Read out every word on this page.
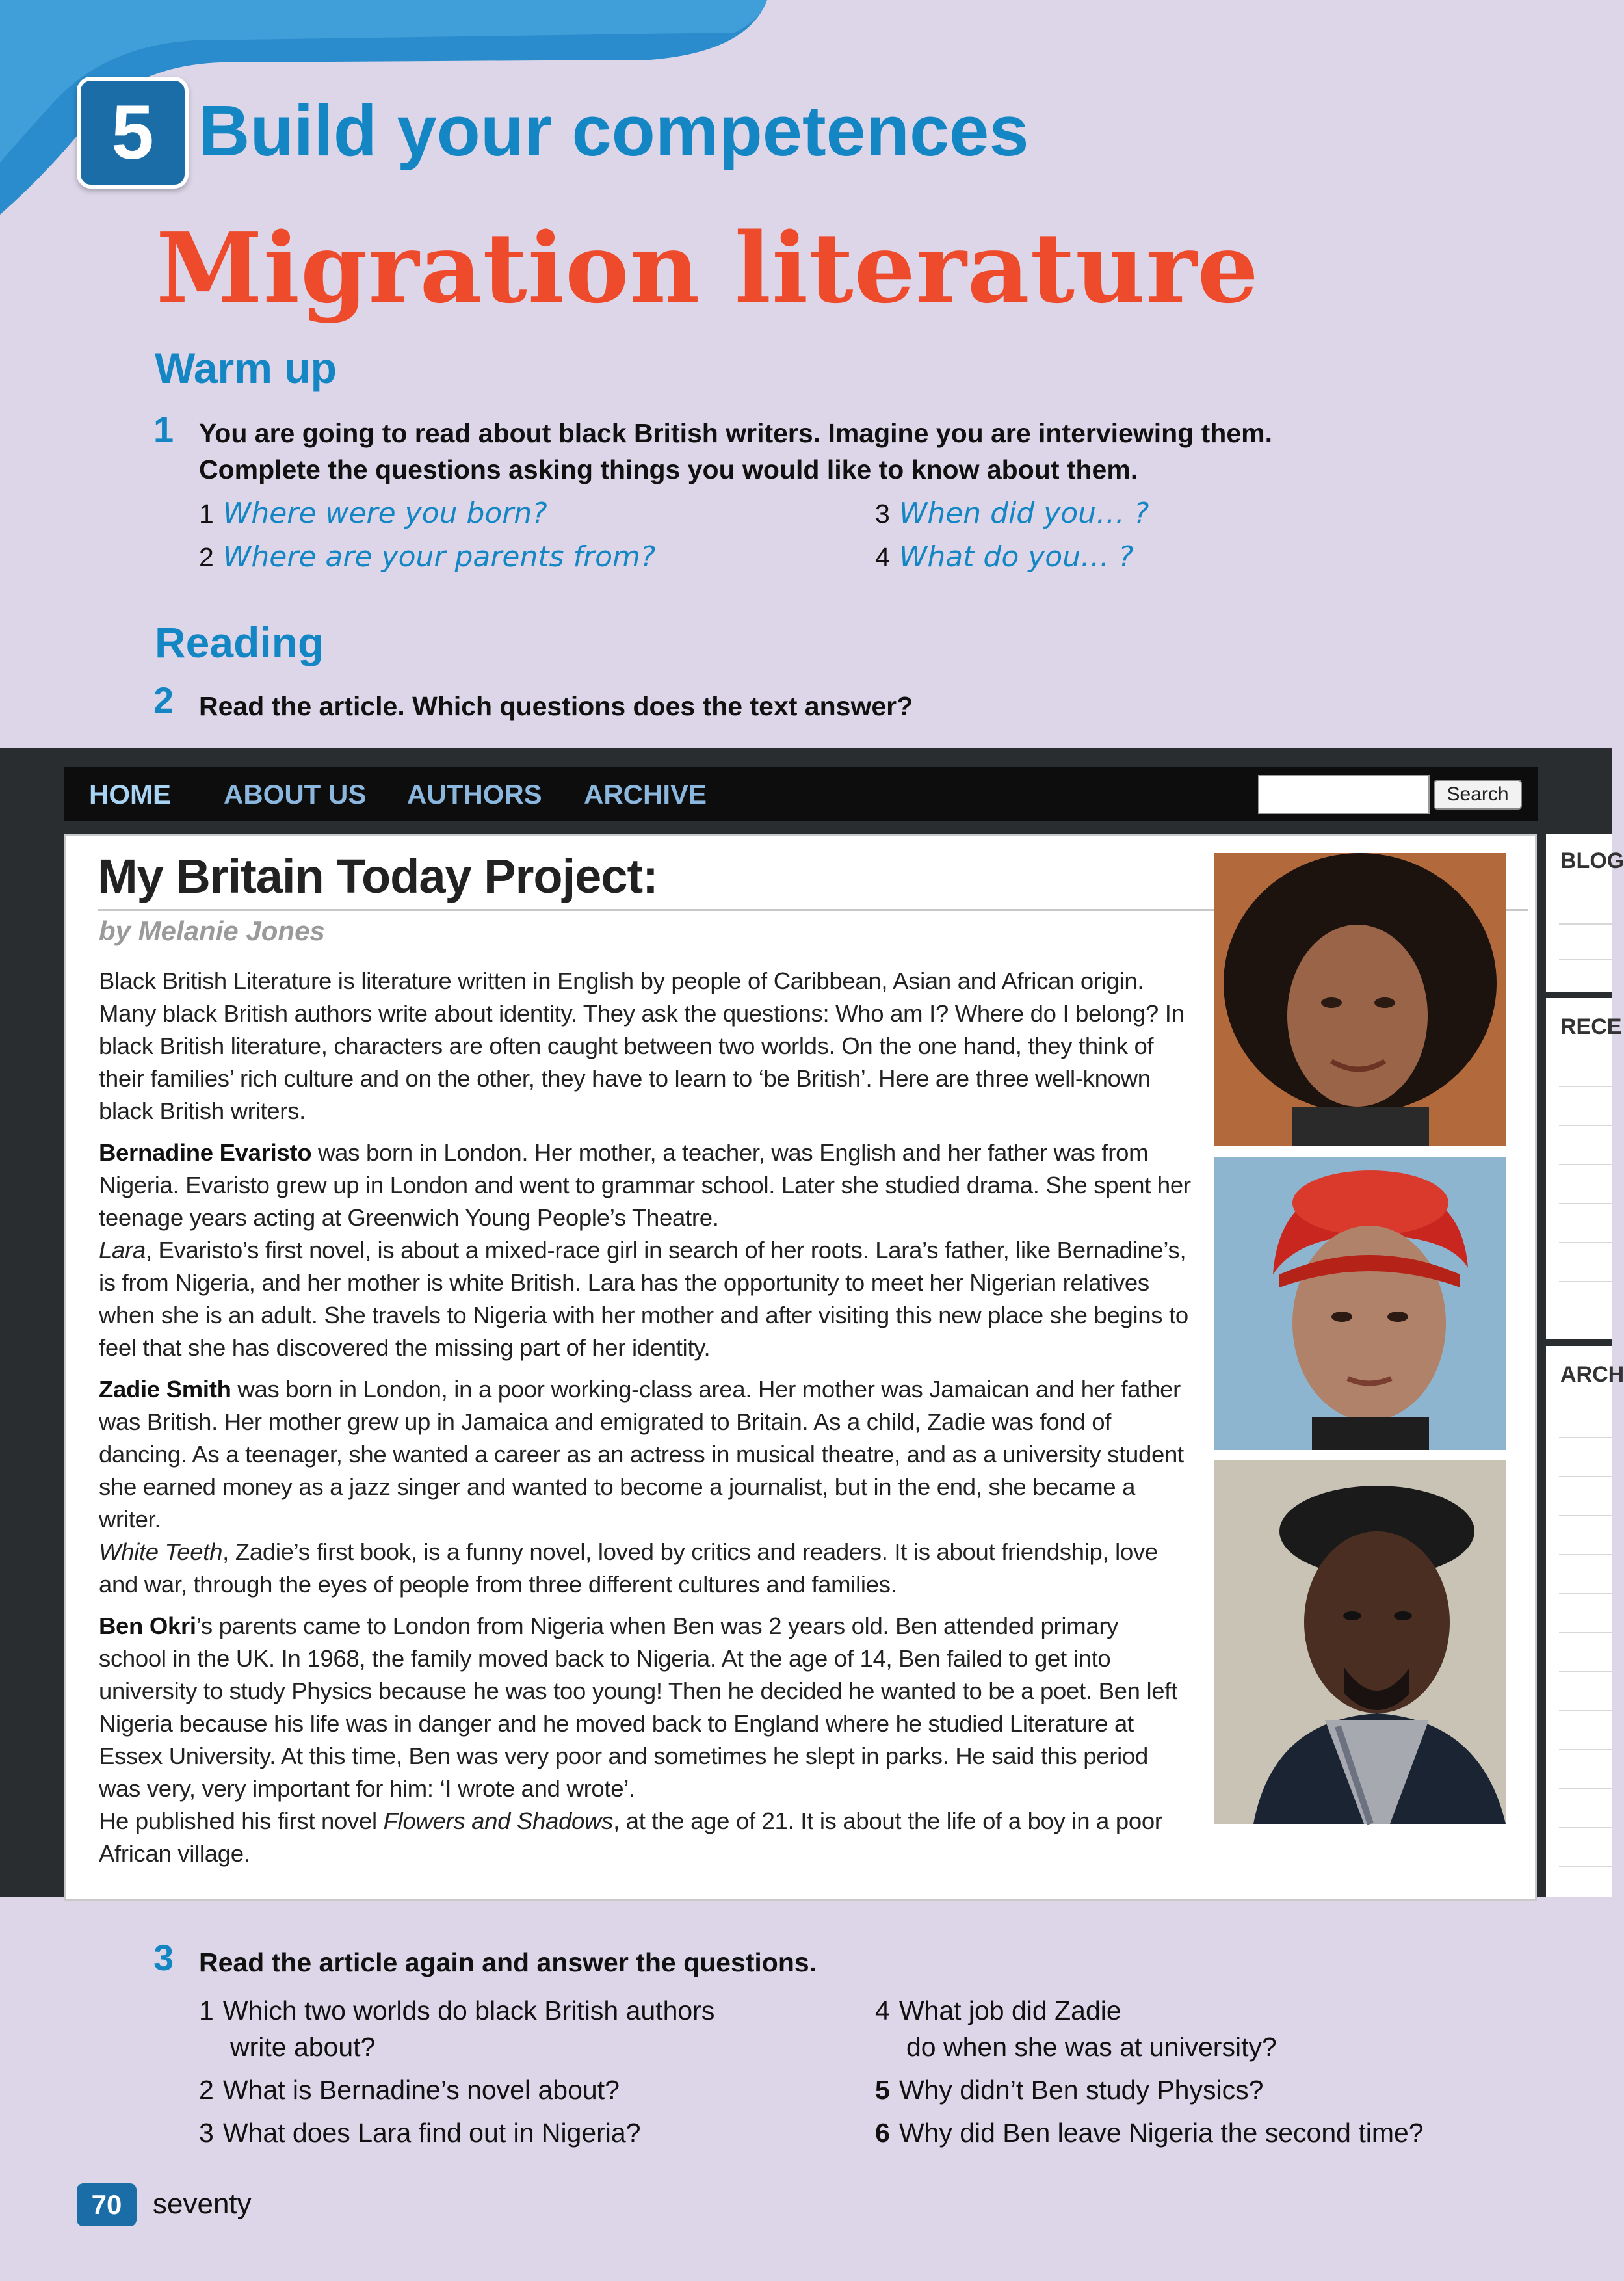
5 Build your competences
Migration literature
Warm up
1 You are going to read about black British writers. Imagine you are interviewing them.
Complete the questions asking things you would like to know about them.
1 Where were you born?
2 Where are your parents from?
3 When did you… ?
4 What do you… ?
Reading
2 Read the article. Which questions does the text answer?
HOME ABOUT US AUTHORS ARCHIVE	Search
BLOG
RECE
ARCH
My Britain Today Project:
by Melanie Jones

Black British Literature is literature written in English by people of Caribbean, Asian and African origin. Many black British authors write about identity. They ask the questions: Who am I? Where do I belong? In black British literature, characters are often caught between two worlds. On the one hand, they think of their families’ rich culture and on the other, they have to learn to ‘be British’. Here are three well-known black British writers.

Bernadine Evaristo was born in London. Her mother, a teacher, was English and her father was from Nigeria. Evaristo grew up in London and went to grammar school. Later she studied drama. She spent her teenage years acting at Greenwich Young People’s Theatre.
Lara, Evaristo’s first novel, is about a mixed-race girl in search of her roots. Lara’s father, like Bernadine’s, is from Nigeria, and her mother is white British. Lara has the opportunity to meet her Nigerian relatives when she is an adult. She travels to Nigeria with her mother and after visiting this new place she begins to feel that she has discovered the missing part of her identity.

Zadie Smith was born in London, in a poor working-class area. Her mother was Jamaican and her father was British. Her mother grew up in Jamaica and emigrated to Britain. As a child, Zadie was fond of dancing. As a teenager, she wanted a career as an actress in musical theatre, and as a university student she earned money as a jazz singer and wanted to become a journalist, but in the end, she became a writer.
White Teeth, Zadie’s first book, is a funny novel, loved by critics and readers. It is about friendship, love and war, through the eyes of people from three different cultures and families.

Ben Okri’s parents came to London from Nigeria when Ben was 2 years old. Ben attended primary school in the UK. In 1968, the family moved back to Nigeria. At the age of 14, Ben failed to get into university to study Physics because he was too young! Then he decided he wanted to be a poet. Ben left Nigeria because his life was in danger and he moved back to England where he studied Literature at Essex University. At this time, Ben was very poor and sometimes he slept in parks. He said this period was very, very important for him: ‘I wrote and wrote’.
He published his first novel Flowers and Shadows, at the age of 21. It is about the life of a boy in a poor African village.

3 Read the article again and answer the questions.
1 Which two worlds do black British authors
write about?
2 What is Bernadine’s novel about?
3 What does Lara find out in Nigeria?
4 What job did Zadie
do when she was at university?
5 Why didn’t Ben study Physics?
6 Why did Ben leave Nigeria the second time?
70	seventy
